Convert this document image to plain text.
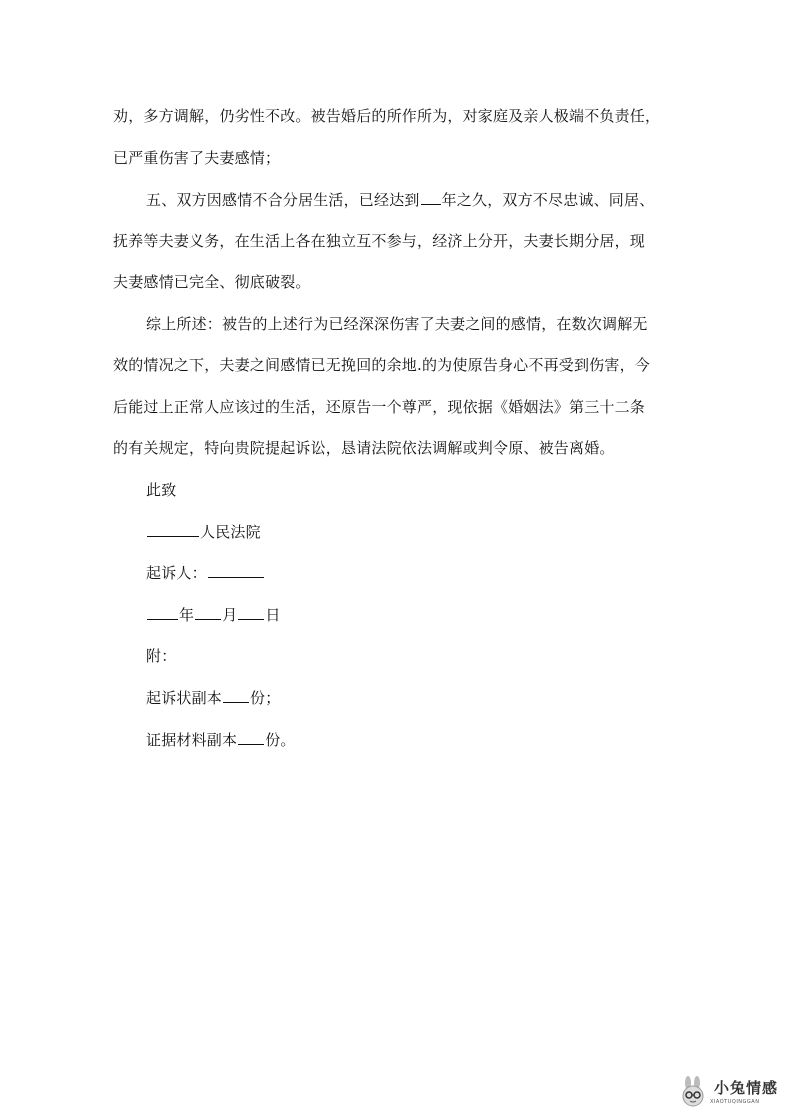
劝，多方调解，仍劣性不改。被告婚后的所作所为，对家庭及亲人极端不负责任，
已严重伤害了夫妻感情；
五、双方因感情不合分居生活，已经达到 年之久，双方不尽忠诚、同居、
抚养等夫妻义务，在生活上各在独立互不参与，经济上分开，夫妻长期分居，现
夫妻感情已完全、彻底破裂。
综上所述：被告的上述行为已经深深伤害了夫妻之间的感情，在数次调解无
效的情况之下，夫妻之间感情已无挽回的余地.的为使原告身心不再受到伤害，今
后能过上正常人应该过的生活，还原告一个尊严，现依据《婚姻法》第三十二条
的有关规定，特向贵院提起诉讼，恳请法院依法调解或判令原、被告离婚。
此致
人民法院
起诉人：
年 月 日
附：
起诉状副本 份；
证据材料副本 份。
小兔情感
XIAOTUQINGGAN
